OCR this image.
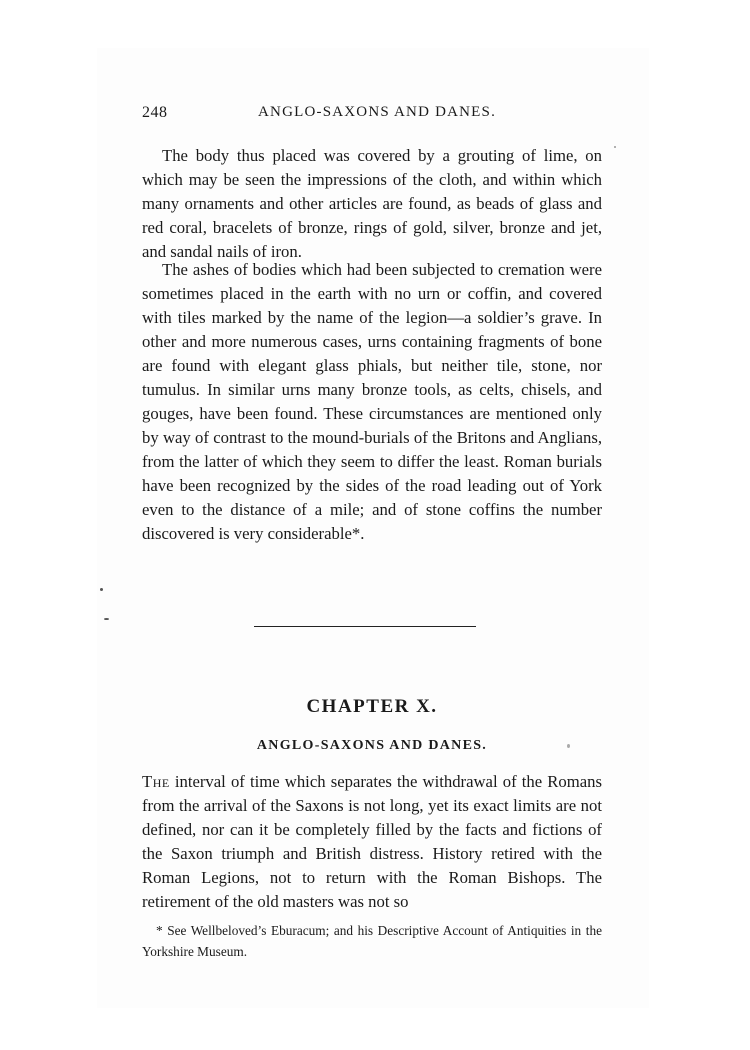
248	ANGLO-SAXONS AND DANES.

The body thus placed was covered by a grouting of lime, on which may be seen the impressions of the cloth, and within which many ornaments and other articles are found, as beads of glass and red coral, bracelets of bronze, rings of gold, silver, bronze and jet, and sandal nails of iron.

The ashes of bodies which had been subjected to cremation were sometimes placed in the earth with no urn or coffin, and covered with tiles marked by the name of the legion—a soldier’s grave. In other and more numerous cases, urns containing fragments of bone are found with elegant glass phials, but neither tile, stone, nor tumulus. In similar urns many bronze tools, as celts, chisels, and gouges, have been found. These circumstances are mentioned only by way of contrast to the mound-burials of the Britons and Anglians, from the latter of which they seem to differ the least. Roman burials have been recognized by the sides of the road leading out of York even to the distance of a mile; and of stone coffins the number discovered is very considerable*.

CHAPTER X.
ANGLO-SAXONS AND DANES.

The interval of time which separates the withdrawal of the Romans from the arrival of the Saxons is not long, yet its exact limits are not defined, nor can it be completely filled by the facts and fictions of the Saxon triumph and British distress. History retired with the Roman Legions, not to return with the Roman Bishops. The retirement of the old masters was not so

* See Wellbeloved’s Eburacum; and his Descriptive Account of Antiquities in the Yorkshire Museum.
